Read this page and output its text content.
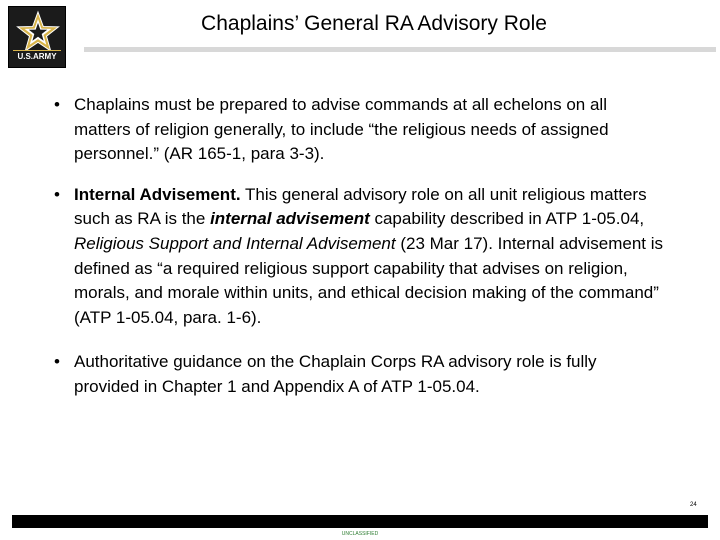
U.S.ARMY
Chaplains’ General RA Advisory Role
• Chaplains must be prepared to advise commands at all echelons on all matters of religion generally, to include “the religious needs of assigned personnel.” (AR 165-1, para 3-3).
• Internal Advisement. This general advisory role on all unit religious matters such as RA is the internal advisement capability described in ATP 1-05.04, Religious Support and Internal Advisement (23 Mar 17). Internal advisement is defined as “a required religious support capability that advises on religion, morals, and morale within units, and ethical decision making of the command” (ATP 1-05.04, para. 1-6).
• Authoritative guidance on the Chaplain Corps RA advisory role is fully provided in Chapter 1 and Appendix A of ATP 1-05.04.
24
UNCLASSIFIED
